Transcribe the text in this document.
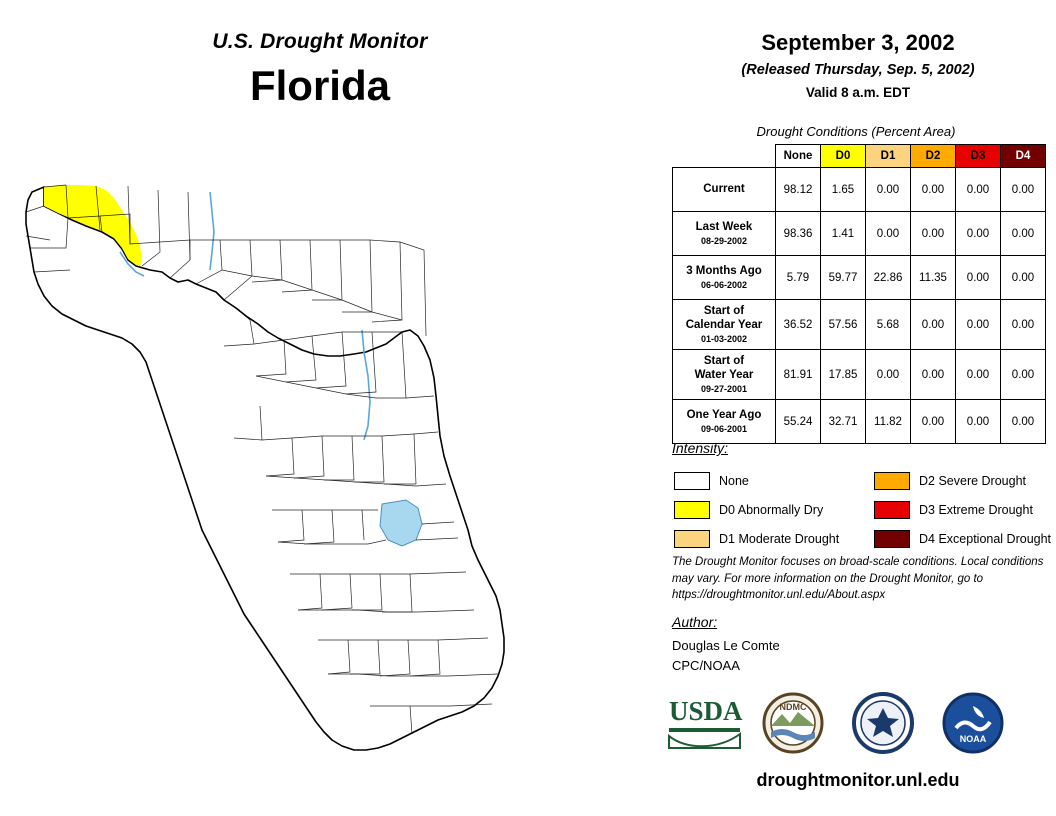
U.S. Drought Monitor
Florida
September 3, 2002
(Released Thursday, Sep. 5, 2002)
Valid 8 a.m. EDT
Drought Conditions (Percent Area)
	None	D0	D1	D2	D3	D4
Current	98.12	1.65	0.00	0.00	0.00	0.00
Last Week
08-29-2002	98.36	1.41	0.00	0.00	0.00	0.00
3 Months Ago
06-06-2002	5.79	59.77	22.86	11.35	0.00	0.00
Start of
Calendar Year
01-03-2002	36.52	57.56	5.68	0.00	0.00	0.00
Start of
Water Year
09-27-2001	81.91	17.85	0.00	0.00	0.00	0.00
One Year Ago
09-06-2001	55.24	32.71	11.82	0.00	0.00	0.00
Intensity:
None
D0 Abnormally Dry
D1 Moderate Drought
D2 Severe Drought
D3 Extreme Drought
D4 Exceptional Drought
The Drought Monitor focuses on broad-scale conditions. Local conditions may vary. For more information on the Drought Monitor, go to https://droughtmonitor.unl.edu/About.aspx
Author:
Douglas Le Comte
CPC/NOAA
USDA	NDMC
NOAA
droughtmonitor.unl.edu
